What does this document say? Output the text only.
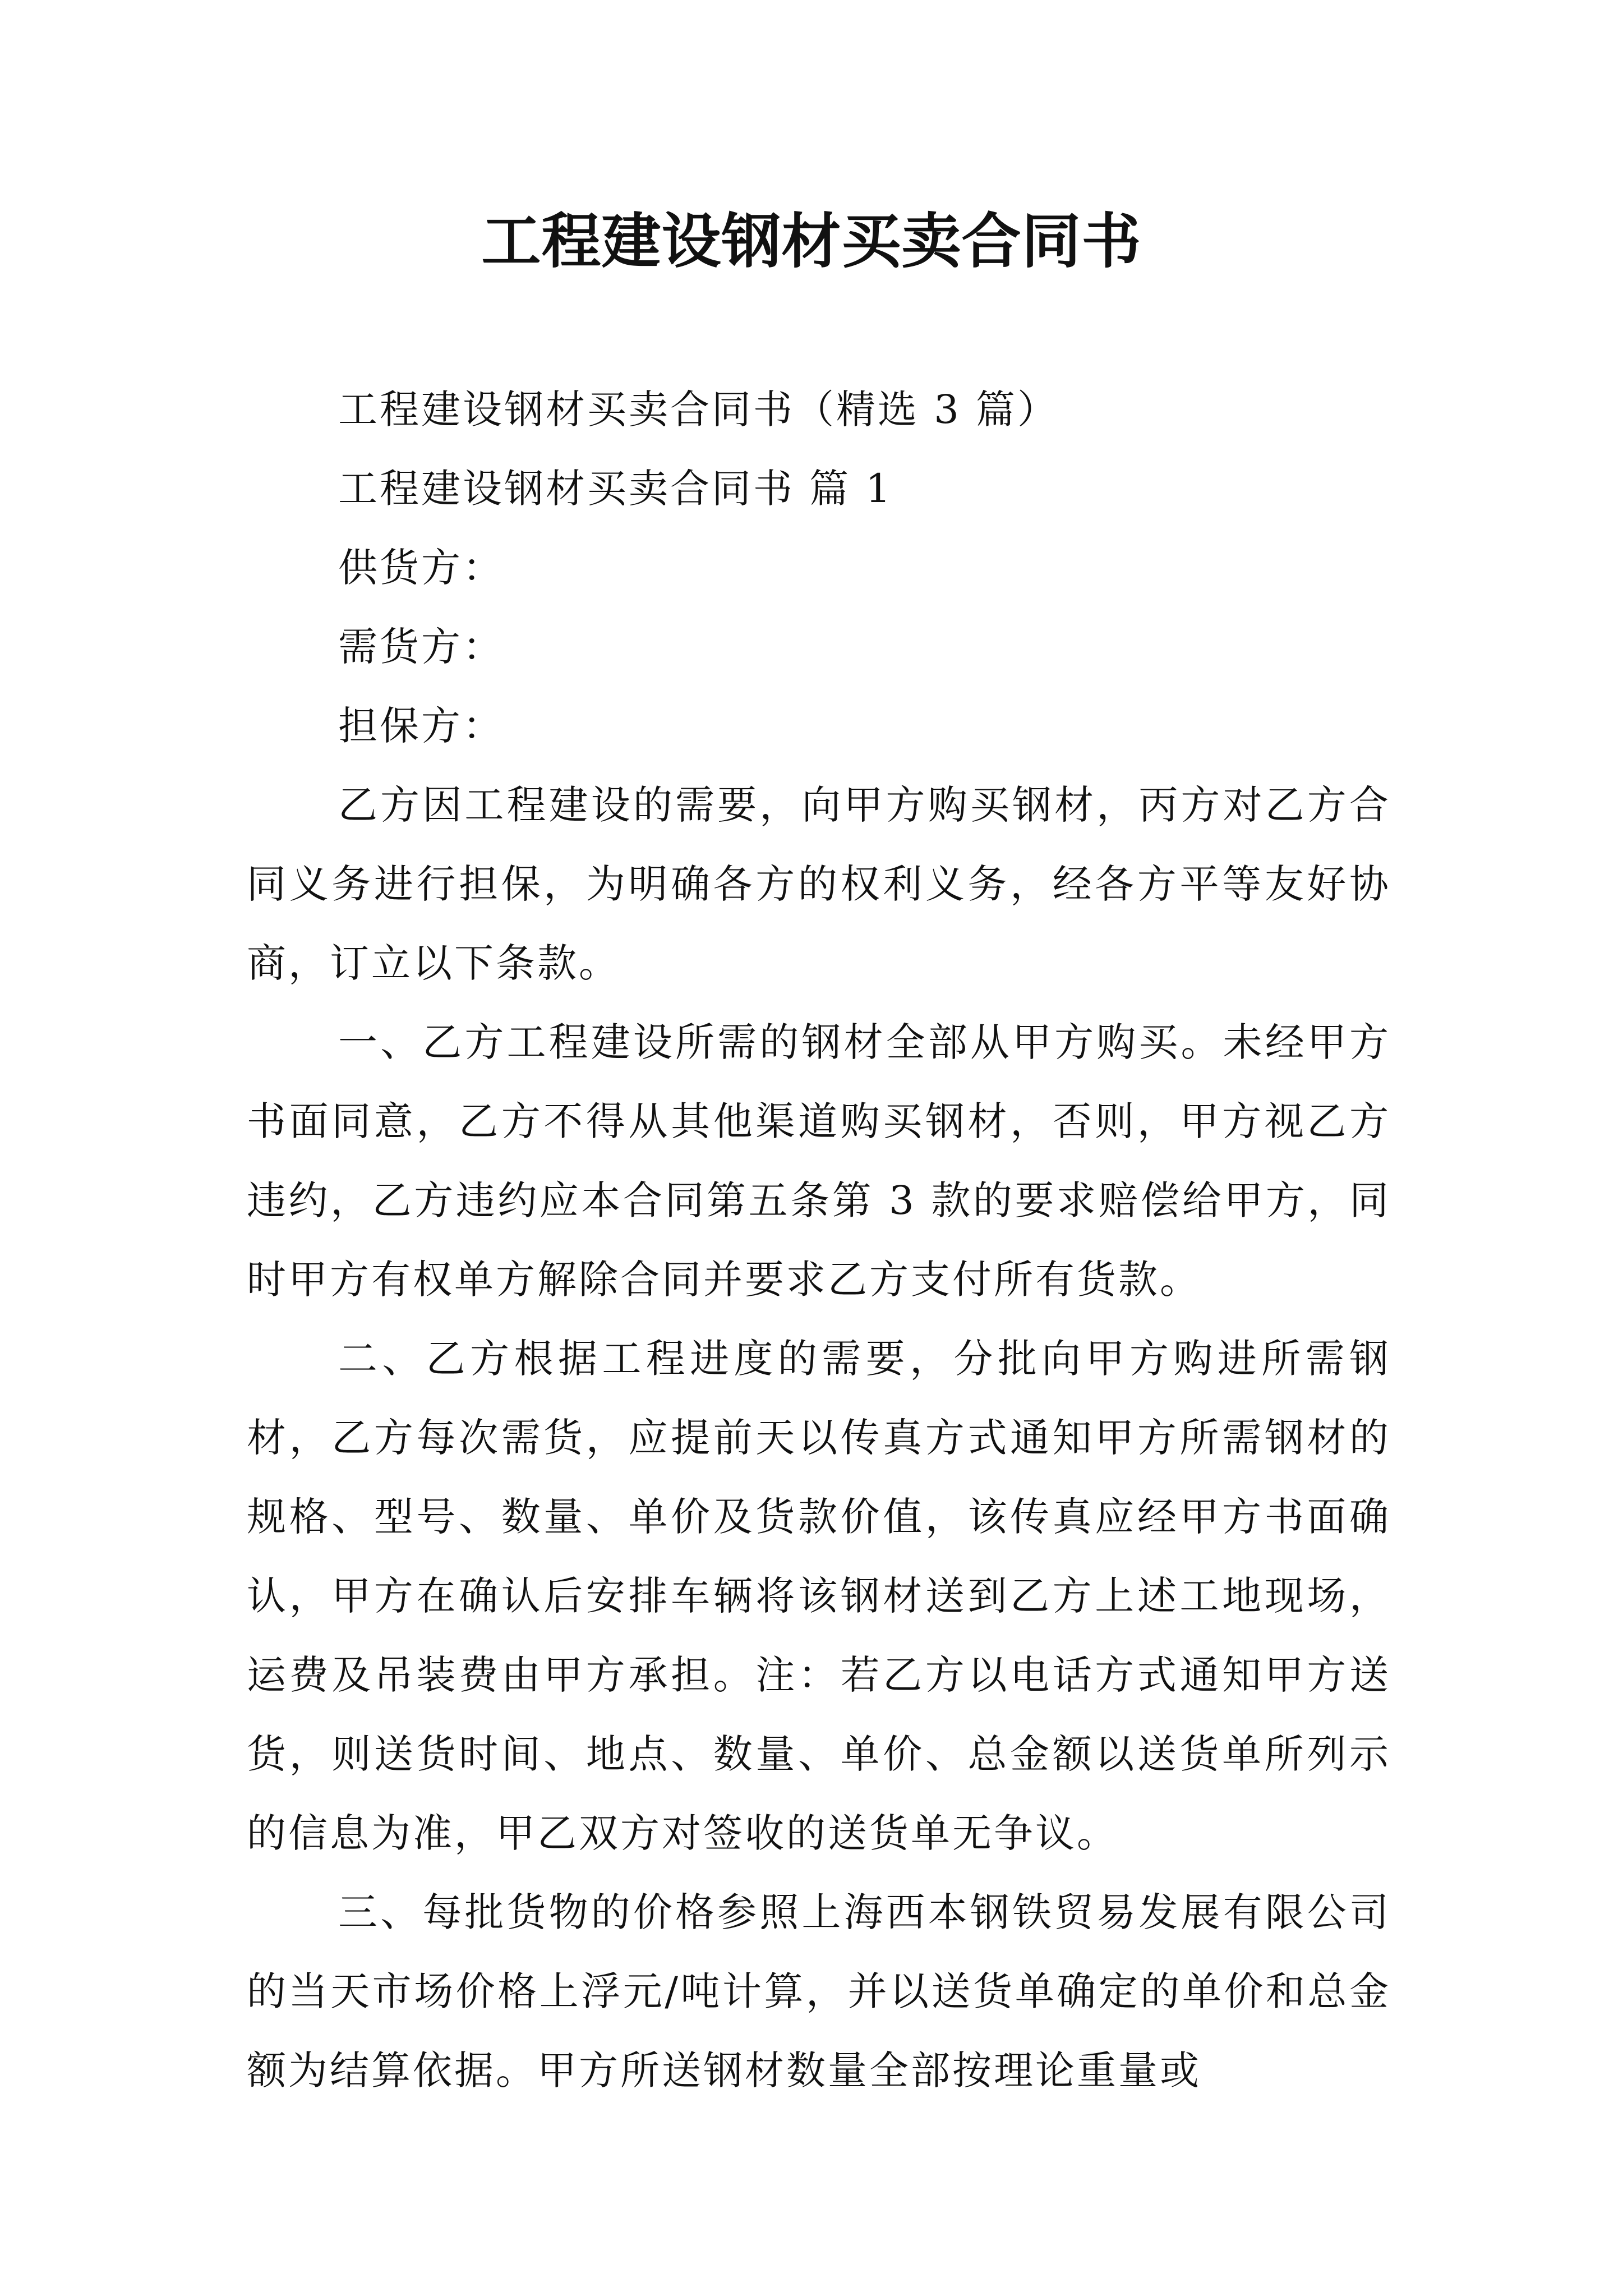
工程建设钢材买卖合同书

工程建设钢材买卖合同书（精选 3 篇）

工程建设钢材买卖合同书 篇 1

供货方：

需货方：

担保方：

乙方因工程建设的需要，向甲方购买钢材，丙方对乙方合同义务进行担保，为明确各方的权利义务，经各方平等友好协商，订立以下条款。

一、乙方工程建设所需的钢材全部从甲方购买。未经甲方书面同意，乙方不得从其他渠道购买钢材，否则，甲方视乙方违约，乙方违约应本合同第五条第 3 款的要求赔偿给甲方，同时甲方有权单方解除合同并要求乙方支付所有货款。

二、乙方根据工程进度的需要，分批向甲方购进所需钢材，乙方每次需货，应提前天以传真方式通知甲方所需钢材的规格、型号、数量、单价及货款价值，该传真应经甲方书面确认，甲方在确认后安排车辆将该钢材送到乙方上述工地现场，运费及吊装费由甲方承担。注：若乙方以电话方式通知甲方送货，则送货时间、地点、数量、单价、总金额以送货单所列示的信息为准，甲乙双方对签收的送货单无争议。

三、每批货物的价格参照上海西本钢铁贸易发展有限公司的当天市场价格上浮元/吨计算，并以送货单确定的单价和总金额为结算依据。甲方所送钢材数量全部按理论重量或
